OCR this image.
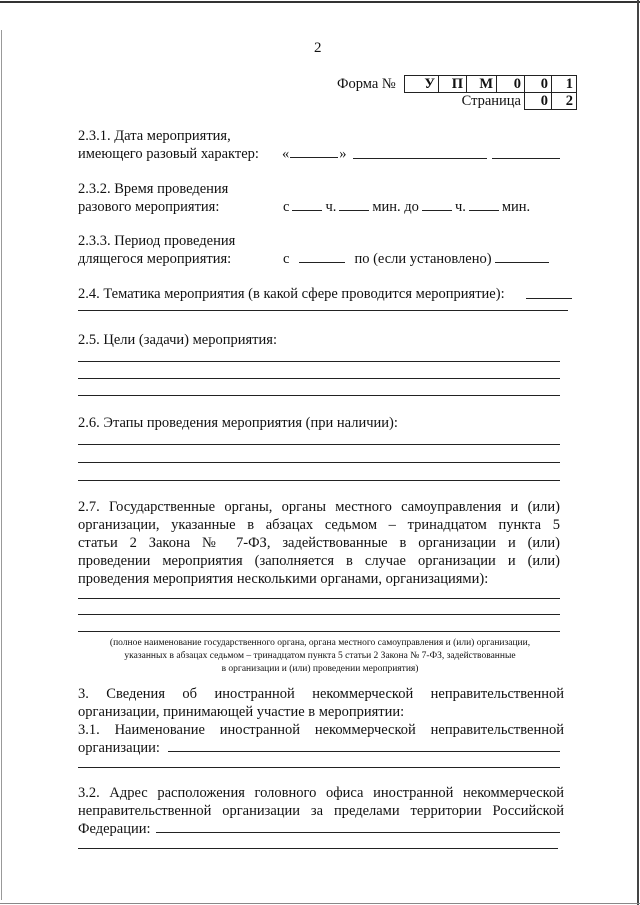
2
Форма № У	П	М	0	0	1
Страница				0	2
2.3.1. Дата мероприятия,
имеющего разовый характер: «	»
2.3.2. Время проведения
разового мероприятия:	с ч. мин. до ч. мин.
2.3.3. Период проведения
длящегося мероприятия:	с	по (если установлено)
2.4. Тематика мероприятия (в какой сфере проводится мероприятие):
2.5. Цели (задачи) мероприятия:
2.6. Этапы проведения мероприятия (при наличии):
2.7. Государственные органы, органы местного самоуправления и (или)
организации, указанные в абзацах седьмом – тринадцатом пункта 5
статьи 2 Закона № 7-ФЗ, задействованные в организации и (или)
проведении мероприятия (заполняется в случае организации и (или)
проведения мероприятия несколькими органами, организациями):
(полное наименование государственного органа, органа местного самоуправления и (или) организации,
указанных в абзацах седьмом – тринадцатом пункта 5 статьи 2 Закона № 7-ФЗ, задействованные
в организации и (или) проведении мероприятия)
3. Сведения об иностранной некоммерческой неправительственной
организации, принимающей участие в мероприятии:
3.1. Наименование иностранной некоммерческой неправительственной
организации:
3.2. Адрес расположения головного офиса иностранной некоммерческой
неправительственной организации за пределами территории Российской
Федерации:
